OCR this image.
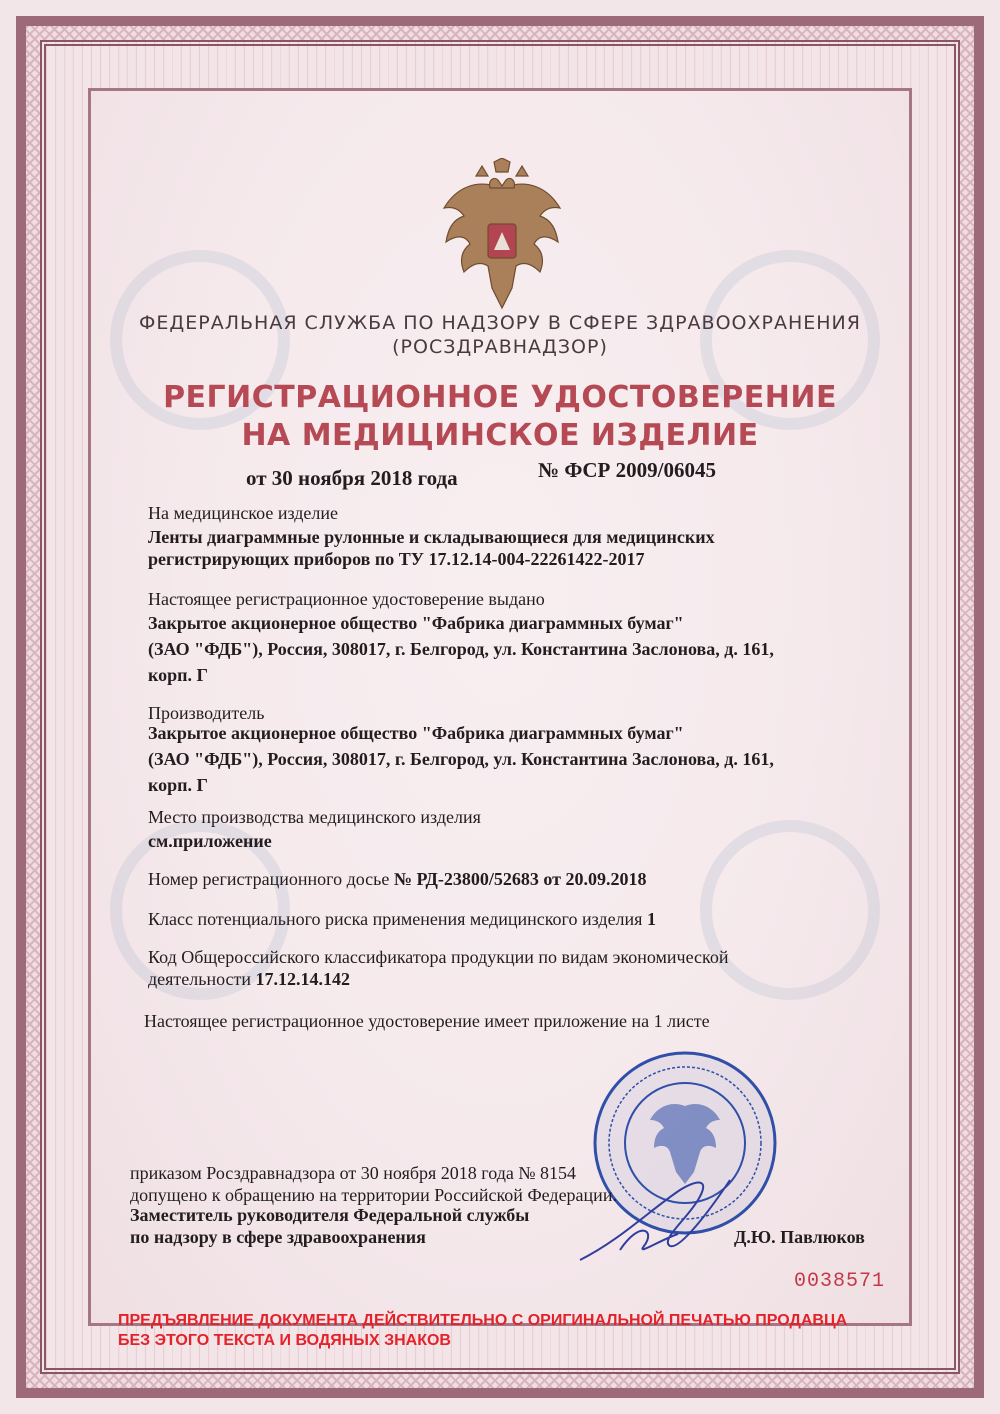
ФЕДЕРАЛЬНАЯ СЛУЖБА ПО НАДЗОРУ В СФЕРЕ ЗДРАВООХРАНЕНИЯ
(РОСЗДРАВНАДЗОР)
РЕГИСТРАЦИОННОЕ УДОСТОВЕРЕНИЕ
НА МЕДИЦИНСКОЕ ИЗДЕЛИЕ
от 30 ноября 2018 года	№ ФСР 2009/06045
На медицинское изделие
Ленты диаграммные рулонные и складывающиеся для медицинских
регистрирующих приборов по ТУ 17.12.14-004-22261422-2017
Настоящее регистрационное удостоверение выдано
Закрытое акционерное общество "Фабрика диаграммных бумаг"
(ЗАО "ФДБ"), Россия, 308017, г. Белгород, ул. Константина Заслонова, д. 161,
корп. Г
Производитель
Закрытое акционерное общество "Фабрика диаграммных бумаг"
(ЗАО "ФДБ"), Россия, 308017, г. Белгород, ул. Константина Заслонова, д. 161,
корп. Г
Место производства медицинского изделия
см.приложение
Номер регистрационного досье № РД-23800/52683 от 20.09.2018
Класс потенциального риска применения медицинского изделия 1
Код Общероссийского классификатора продукции по видам экономической
деятельности 17.12.14.142
Настоящее регистрационное удостоверение имеет приложение на 1 листе
приказом Росздравнадзора от 30 ноября 2018 года № 8154
допущено к обращению на территории Российской Федерации.
Заместитель руководителя Федеральной службы
по надзору в сфере здравоохранения	Д.Ю. Павлюков
0038571
ПРЕДЪЯВЛЕНИЕ ДОКУМЕНТА ДЕЙСТВИТЕЛЬНО С ОРИГИНАЛЬНОЙ ПЕЧАТЬЮ ПРОДАВЦА
БЕЗ ЭТОГО ТЕКСТА И ВОДЯНЫХ ЗНАКОВ
